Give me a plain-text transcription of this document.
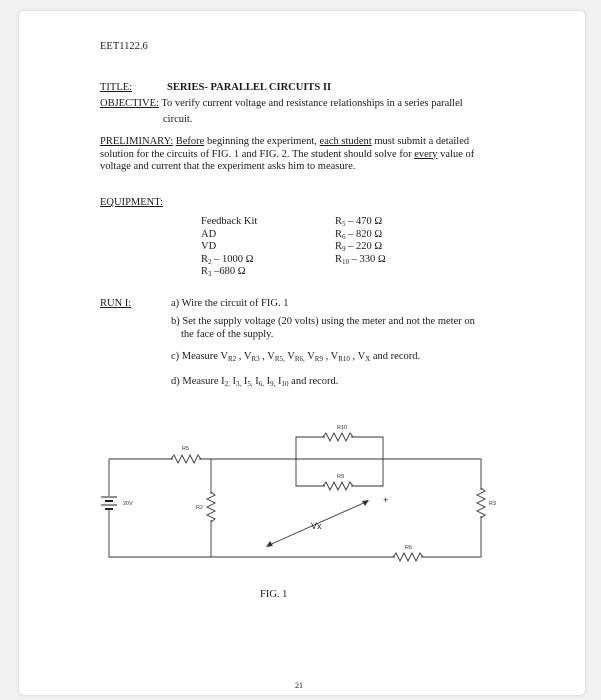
EET1122.6
TITLE:	SERIES- PARALLEL CIRCUITS II
OBJECTIVE: To verify current voltage and resistance relationships in a series parallel
circuit.
PRELIMINARY: Before beginning the experiment, each student must submit a detailed
solution for the circuits of FIG. 1 and FIG. 2. The student should solve for every value of
voltage and current that the experiment asks him to measure.
EQUIPMENT:
Feedback Kit
AD
VD
$R_2 - 1000$ Ω
$R_3$ –680 Ω
$R_5 - 470$ Ω
$R_6 - 820$ Ω
$R_9 - 220$ Ω
$R_{10} - 330$ Ω
RUN I:	a) Wire the circuit of FIG. 1
b) Set the supply voltage (20 volts) using the meter and not the meter on
the face of the supply.
c) Measure $V_{R2}$ , $V_{R3}$ , $V_{R5,}$ $V_{R6,}$ $V_{R9}$ , $V_{R10}$ , $V_X$ and record.
d) Measure $I_{2,}$ $I_{3,}$ $I_{5,}$ $I_{6,}$ $I_{9,}$ $I_{10}$ and record.
R10
R5
R9
R2
R3
R6
20V
Vx
+
FIG. 1
21
